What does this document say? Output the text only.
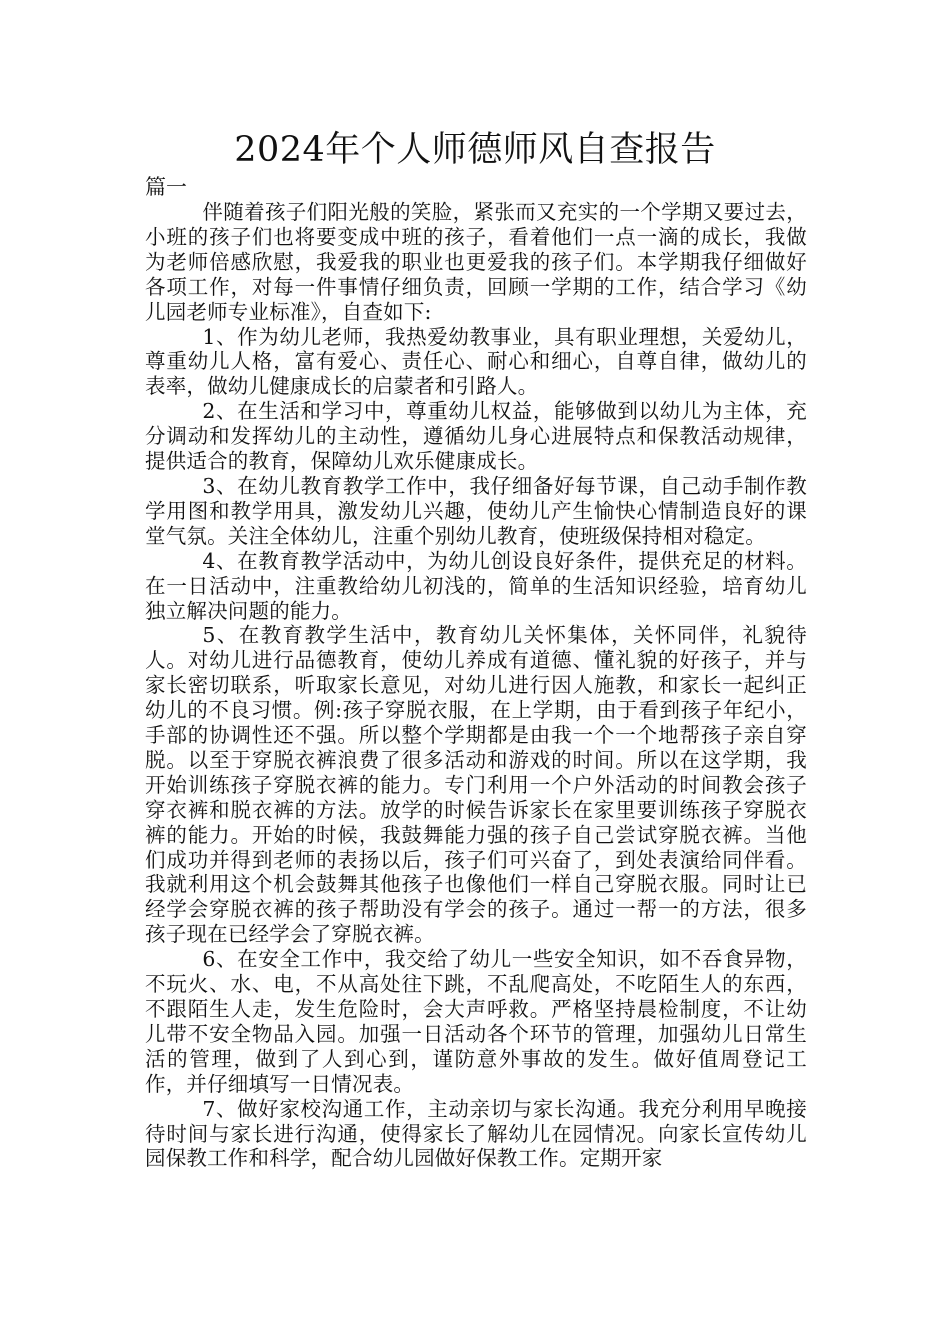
2024年个人师德师风自查报告

篇一

伴随着孩子们阳光般的笑脸，紧张而又充实的一个学期又要过去，小班的孩子们也将要变成中班的孩子，看着他们一点一滴的成长，我做为老师倍感欣慰，我爱我的职业也更爱我的孩子们。本学期我仔细做好各项工作，对每一件事情仔细负责，回顾一学期的工作，结合学习《幼儿园老师专业标准》，自查如下:

1、作为幼儿老师，我热爱幼教事业，具有职业理想，关爱幼儿，尊重幼儿人格，富有爱心、责任心、耐心和细心，自尊自律，做幼儿的表率，做幼儿健康成长的启蒙者和引路人。

2、在生活和学习中，尊重幼儿权益，能够做到以幼儿为主体，充分调动和发挥幼儿的主动性，遵循幼儿身心进展特点和保教活动规律，提供适合的教育，保障幼儿欢乐健康成长。

3、在幼儿教育教学工作中，我仔细备好每节课，自己动手制作教学用图和教学用具，激发幼儿兴趣，使幼儿产生愉快心情制造良好的课堂气氛。关注全体幼儿，注重个别幼儿教育，使班级保持相对稳定。

4、在教育教学活动中，为幼儿创设良好条件，提供充足的材料。在一日活动中，注重教给幼儿初浅的，简单的生活知识经验，培育幼儿独立解决问题的能力。

5、在教育教学生活中，教育幼儿关怀集体，关怀同伴，礼貌待人。对幼儿进行品德教育，使幼儿养成有道德、懂礼貌的好孩子，并与家长密切联系，听取家长意见，对幼儿进行因人施教，和家长一起纠正幼儿的不良习惯。例:孩子穿脱衣服，在上学期，由于看到孩子年纪小，手部的协调性还不强。所以整个学期都是由我一个一个地帮孩子亲自穿脱。以至于穿脱衣裤浪费了很多活动和游戏的时间。所以在这学期，我开始训练孩子穿脱衣裤的能力。专门利用一个户外活动的时间教会孩子穿衣裤和脱衣裤的方法。放学的时候告诉家长在家里要训练孩子穿脱衣裤的能力。开始的时候，我鼓舞能力强的孩子自己尝试穿脱衣裤。当他们成功并得到老师的表扬以后，孩子们可兴奋了，到处表演给同伴看。我就利用这个机会鼓舞其他孩子也像他们一样自己穿脱衣服。同时让已经学会穿脱衣裤的孩子帮助没有学会的孩子。通过一帮一的方法，很多孩子现在已经学会了穿脱衣裤。

6、在安全工作中，我交给了幼儿一些安全知识，如不吞食异物，不玩火、水、电，不从高处往下跳，不乱爬高处，不吃陌生人的东西，不跟陌生人走，发生危险时，会大声呼救。严格坚持晨检制度，不让幼儿带不安全物品入园。加强一日活动各个环节的管理，加强幼儿日常生活的管理，做到了人到心到，谨防意外事故的发生。做好值周登记工作，并仔细填写一日情况表。

7、做好家校沟通工作，主动亲切与家长沟通。我充分利用早晚接待时间与家长进行沟通，使得家长了解幼儿在园情况。向家长宣传幼儿园保教工作和科学，配合幼儿园做好保教工作。定期开家
